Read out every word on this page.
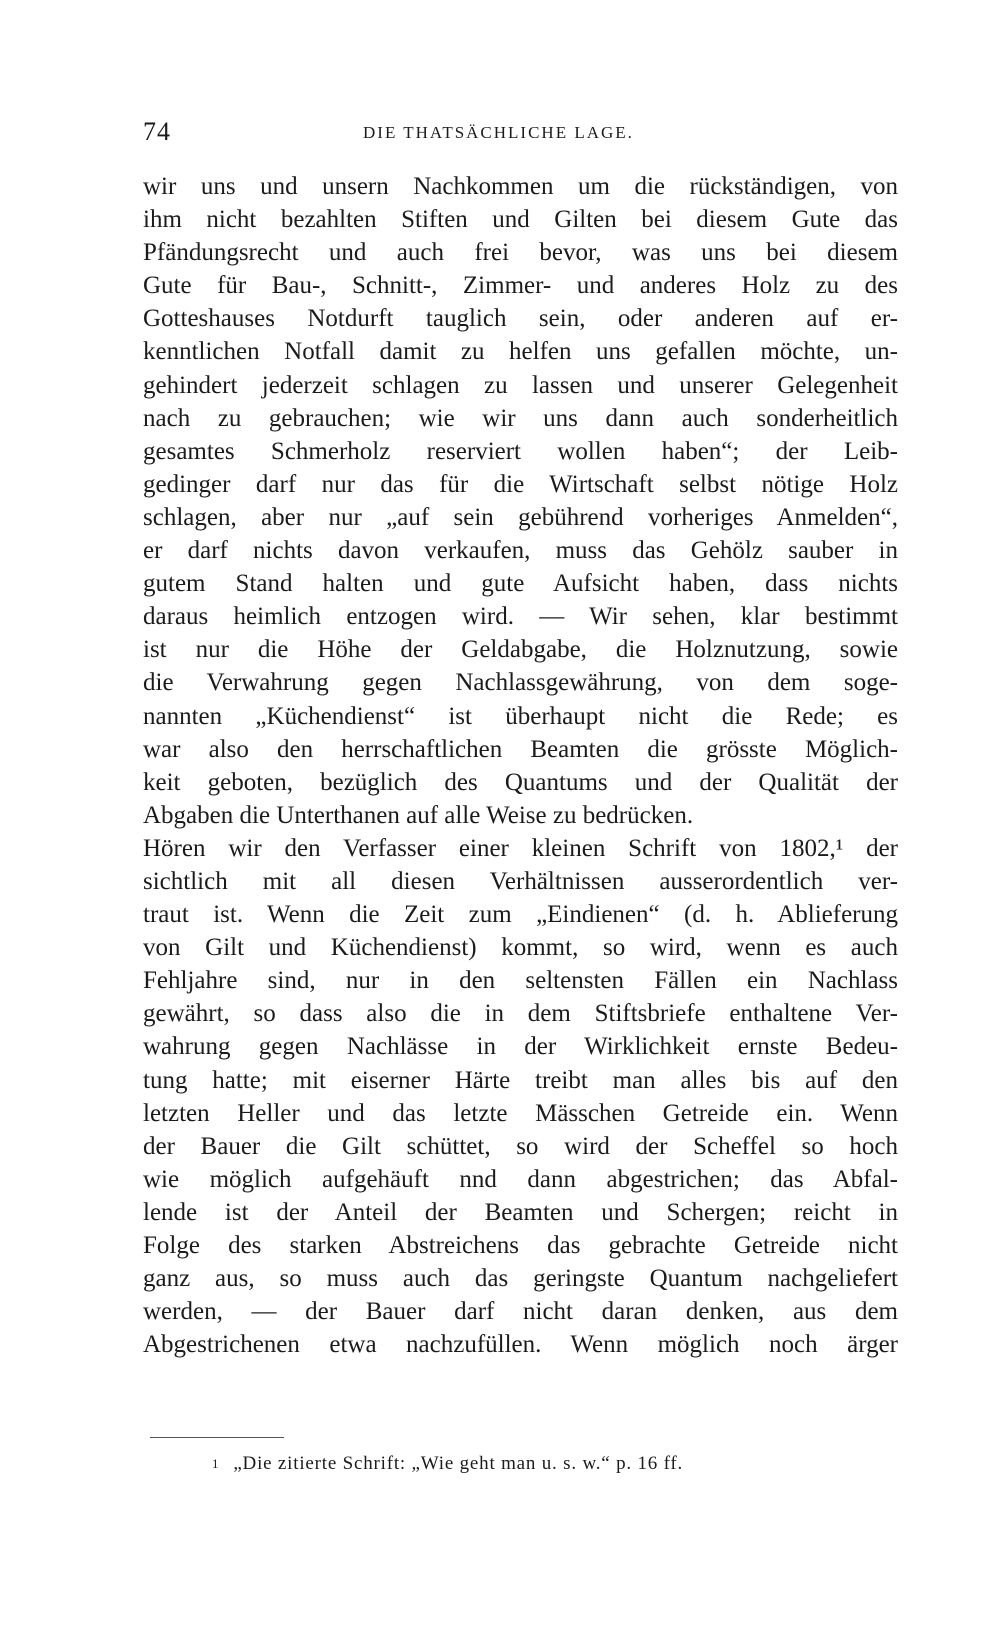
74	DIE THATSÄCHLICHE LAGE.
wir uns und unsern Nachkommen um die rückständigen, von
ihm nicht bezahlten Stiften und Gilten bei diesem Gute das
Pfändungsrecht und auch frei bevor, was uns bei diesem
Gute für Bau-, Schnitt-, Zimmer- und anderes Holz zu des
Gotteshauses Notdurft tauglich sein, oder anderen auf er-
kenntlichen Notfall damit zu helfen uns gefallen möchte, un-
gehindert jederzeit schlagen zu lassen und unserer Gelegenheit
nach zu gebrauchen; wie wir uns dann auch sonderheitlich
gesamtes Schmerholz reserviert wollen haben“; der Leib-
gedinger darf nur das für die Wirtschaft selbst nötige Holz
schlagen, aber nur „auf sein gebührend vorheriges Anmelden“,
er darf nichts davon verkaufen, muss das Gehölz sauber in
gutem Stand halten und gute Aufsicht haben, dass nichts
daraus heimlich entzogen wird. — Wir sehen, klar bestimmt
ist nur die Höhe der Geldabgabe, die Holznutzung, sowie
die Verwahrung gegen Nachlassgewährung, von dem soge-
nannten „Küchendienst“ ist überhaupt nicht die Rede; es
war also den herrschaftlichen Beamten die grösste Möglich-
keit geboten, bezüglich des Quantums und der Qualität der
Abgaben die Unterthanen auf alle Weise zu bedrücken.
Hören wir den Verfasser einer kleinen Schrift von 1802,¹ der
sichtlich mit all diesen Verhältnissen ausserordentlich ver-
traut ist. Wenn die Zeit zum „Eindienen“ (d. h. Ablieferung
von Gilt und Küchendienst) kommt, so wird, wenn es auch
Fehljahre sind, nur in den seltensten Fällen ein Nachlass
gewährt, so dass also die in dem Stiftsbriefe enthaltene Ver-
wahrung gegen Nachlässe in der Wirklichkeit ernste Bedeu-
tung hatte; mit eiserner Härte treibt man alles bis auf den
letzten Heller und das letzte Mässchen Getreide ein. Wenn
der Bauer die Gilt schüttet, so wird der Scheffel so hoch
wie möglich aufgehäuft nnd dann abgestrichen; das Abfal-
lende ist der Anteil der Beamten und Schergen; reicht in
Folge des starken Abstreichens das gebrachte Getreide nicht
ganz aus, so muss auch das geringste Quantum nachgeliefert
werden, — der Bauer darf nicht daran denken, aus dem
Abgestrichenen etwa nachzufüllen. Wenn möglich noch ärger
$^1$ „Die zitierte Schrift: „Wie geht man u. s. w.“ p. 16 ff.
